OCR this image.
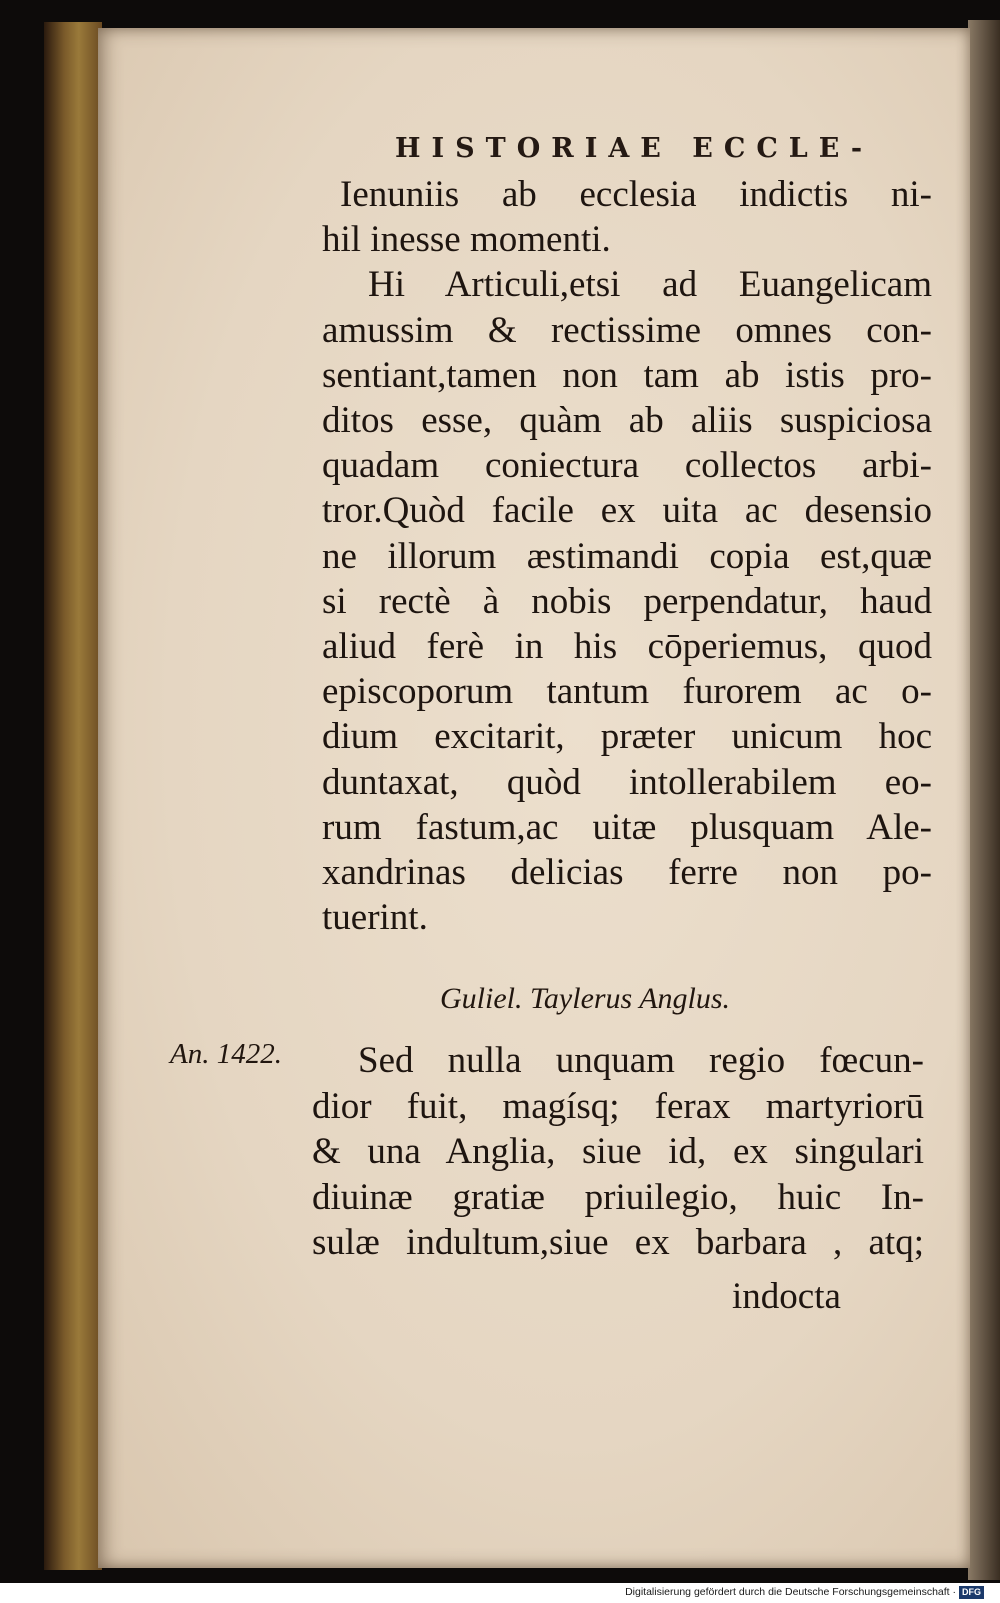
HISTORIAE ECCLE-
Ienuniis ab ecclesia indictis ni-
hil inesse momenti.
Hi Articuli,etsi ad Euangelicam
amussim & rectissime omnes con-
sentiant,tamen non tam ab istis pro-
ditos esse, quàm ab aliis suspiciosa
quadam coniectura collectos arbi-
tror.Quòd facile ex uita ac desensio
ne illorum æstimandi copia est,quæ
si rectè à nobis perpendatur, haud
aliud ferè in his cōperiemus, quod
episcoporum tantum furorem ac o-
dium excitarit, præter unicum hoc
duntaxat, quòd intollerabilem eo-
rum fastum,ac uitæ plusquam Ale-
xandrinas delicias ferre non po-
tuerint.
Guliel. Taylerus Anglus.
An. 1422.	Sed nulla unquam regio fœcun-
dior fuit, magísq; ferax martyriorū
& una Anglia, siue id, ex singulari
diuinæ gratiæ priuilegio, huic In-
sulæ indultum,siue ex barbara , atq;
indocta
Digitalisierung gefördert durch die Deutsche Forschungsgemeinschaft · DFG
